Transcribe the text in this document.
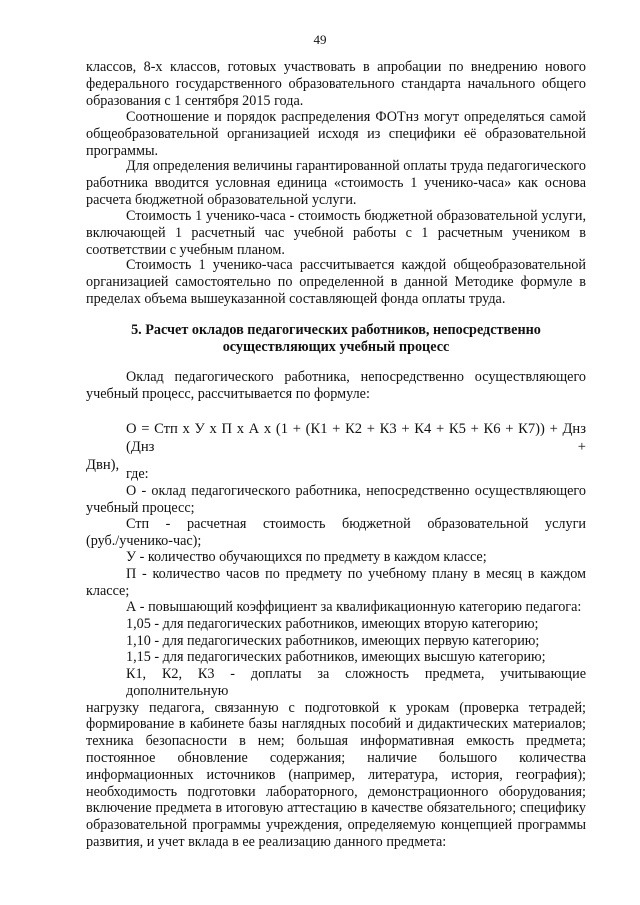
49
классов, 8-х классов, готовых участвовать в апробации по внедрению нового
федерального государственного образовательного стандарта начального общего
образования с 1 сентября 2015 года.
Соотношение и порядок распределения ФОТнз могут определяться самой
общеобразовательной организацией исходя из специфики её образовательной
программы.
Для определения величины гарантированной оплаты труда педагогического
работника вводится условная единица «стоимость 1 ученико-часа» как основа
расчета бюджетной образовательной услуги.
Стоимость 1 ученико-часа - стоимость бюджетной образовательной услуги,
включающей 1 расчетный час учебной работы с 1 расчетным учеником в
соответствии с учебным планом.
Стоимость 1 ученико-часа рассчитывается каждой общеобразовательной
организацией самостоятельно по определенной в данной Методике формуле в
пределах объема вышеуказанной составляющей фонда оплаты труда.
5. Расчет окладов педагогических работников, непосредственно
осуществляющих учебный процесс
Оклад педагогического работника, непосредственно осуществляющего
учебный процесс, рассчитывается по формуле:
О = Стп х У х П х А х (1 + (К1 + К2 + К3 + К4 + К5 + К6 + К7)) + Днз (Днз +
Двн),
где:
О - оклад педагогического работника, непосредственно осуществляющего
учебный процесс;
Стп - расчетная стоимость бюджетной образовательной услуги
(руб./ученико-час);
У - количество обучающихся по предмету в каждом классе;
П - количество часов по предмету по учебному плану в месяц в каждом
классе;
А - повышающий коэффициент за квалификационную категорию педагога:
1,05 - для педагогических работников, имеющих вторую категорию;
1,10 - для педагогических работников, имеющих первую категорию;
1,15 - для педагогических работников, имеющих высшую категорию;
К1, К2, К3 - доплаты за сложность предмета, учитывающие дополнительную
нагрузку педагога, связанную с подготовкой к урокам (проверка тетрадей;
формирование в кабинете базы наглядных пособий и дидактических материалов;
техника безопасности в нем; большая информативная емкость предмета;
постоянное обновление содержания; наличие большого количества
информационных источников (например, литература, история, география);
необходимость подготовки лабораторного, демонстрационного оборудования;
включение предмета в итоговую аттестацию в качестве обязательного; специфику
образовательной программы учреждения, определяемую концепцией программы
развития, и учет вклада в ее реализацию данного предмета:
